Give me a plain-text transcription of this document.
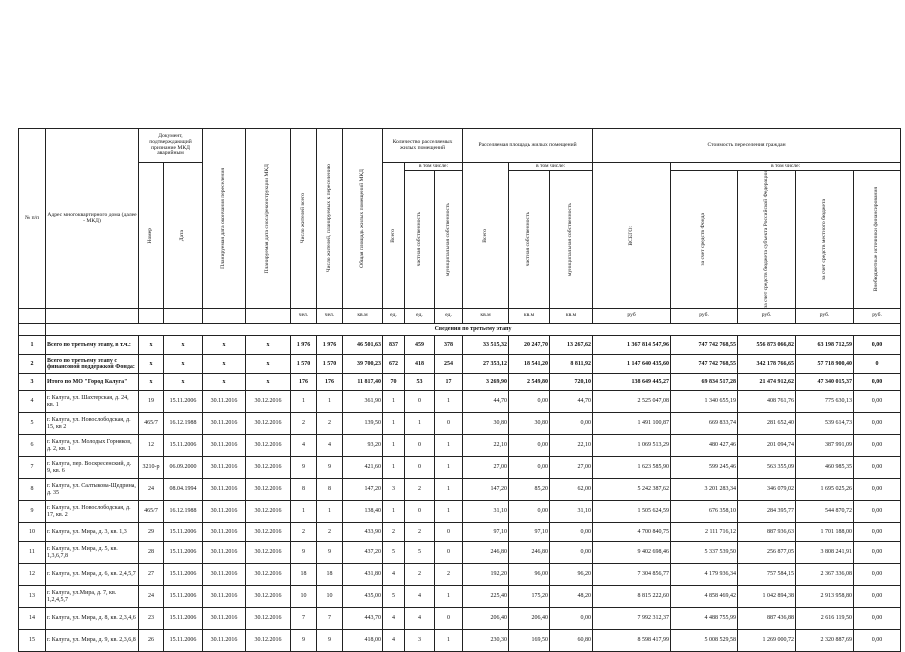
№ п/п	Адрес многоквартирного дома (далее - МКД)	Документ, подтверждающий признание МКД аварийным		Планируемая дата окончания переселения	Планируемая дата сноса/реконструкции МКД	Число жителей всего	Число жителей, планируемых к переселению	Общая площадь жилых помещений МКД	Количество расселяемых жилых помещений			Расселяемая площадь жилых помещений			Стоимость переселения граждан				

		Номер	Дата						Всего	в том числе:		Всего	в том числе:		ВСЕГО:	в том числе:			

										частная собственность	муниципальная собственность		частная собственность	муниципальная собственность		за счет средств Фонда	за счет средств бюджета субъекта Российской Федерации	за счет средств местного бюджета	Внебюджетные источники финансирования

						чел.	чел.	кв.м	ед.	ед.	ед.	кв.м	кв.м	кв.м	руб	руб.	руб.	руб.	руб.
	Сведения по третьему этапу																		
1	Всего по третьему этапу, в т.ч.:	x	x	x	x	1 976	1 976	46 501,63	837	459	378	33 515,32	20 247,70	13 267,62	1 367 814 547,96	747 742 768,55	556 873 066,82	63 198 712,59	0,00
2	Всего по третьему этапу с финансовой поддержкой Фонда:	x	x	x	x	1 570	1 570	39 700,23	672	418	254	27 353,12	18 541,20	8 811,92	1 147 640 435,60	747 742 768,55	342 178 766,65	57 718 900,40	0
3	Итого по МО "Город Калуга"	x	x	x	x	176	176	11 817,40	70	53	17	3 269,90	2 549,80	720,10	138 649 445,27	69 834 517,28	21 474 912,62	47 340 015,37	0,00
4	г. Калуга, ул. Шахтерская, д. 24, кв. 1	19	15.11.2006	30.11.2016	30.12.2016	1	1	361,90	1	0	1	44,70	0,00	44,70	2 525 047,08	1 340 655,19	408 761,76	775 630,13	0,00
5	г. Калуга, ул. Новослободская, д. 15, кв 2	465/7	16.12.1988	30.11.2016	30.12.2016	2	2	139,50	1	1	0	30,80	30,80	0,00	1 491 100,87	669 833,74	281 652,40	539 614,73	0,00
6	г. Калуга, ул. Молодых Горняков, д. 2, кв. 1	12	15.11.2006	30.11.2016	30.12.2016	4	4	93,20	1	0	1	22,10	0,00	22,10	1 069 513,29	480 427,46	201 094,74	387 991,09	0,00
7	г. Калуга, пер. Воскресенский, д. 9, кв. 6	3210-р	06.09.2000	30.11.2016	30.12.2016	9	9	421,60	1	0	1	27,00	0,00	27,00	1 623 585,90	599 245,46	563 355,09	460 985,35	0,00
8	г. Калуга, ул. Салтыкова-Щедрина, д. 35	24	08.04.1994	30.11.2016	30.12.2016	8	8	147,20	3	2	1	147,20	85,20	62,00	5 242 387,62	3 201 283,34	346 079,02	1 695 025,26	0,00
9	г. Калуга, ул. Новослободская, д. 17, кв. 2	465/7	16.12.1988	30.11.2016	30.12.2016	1	1	138,40	1	0	1	31,10	0,00	31,10	1 505 624,59	676 358,10	284 395,77	544 870,72	0,00
10	г. Калуга, ул. Мира, д. 3, кв. 1,3	29	15.11.2006	30.11.2016	30.12.2016	2	2	433,90	2	2	0	97,10	97,10	0,00	4 700 840,75	2 111 716,12	887 936,63	1 701 188,00	0,00
11	г. Калуга, ул. Мира, д. 5, кв. 1,3,6,7,8	28	15.11.2006	30.11.2016	30.12.2016	9	9	437,20	5	5	0	246,80	246,80	0,00	9 402 698,46	5 337 539,50	256 877,05	3 808 241,91	0,00
12	г. Калуга, ул. Мира, д. 6, кв. 2,4,5,7	27	15.11.2006	30.11.2016	30.12.2016	18	18	431,80	4	2	2	192,20	96,00	96,20	7 304 856,77	4 179 936,34	757 584,15	2 367 336,08	0,00
13	г. Калуга, ул.Мира, д. 7, кв. 1,2,4,5,7	24	15.11.2006	30.11.2016	30.12.2016	10	10	435,00	5	4	1	225,40	175,20	48,20	8 815 222,60	4 858 469,42	1 042 894,38	2 913 958,80	0,00
14	г. Калуга, ул. Мира, д. 8, кв. 2,3,4,6	23	15.11.2006	30.11.2016	30.12.2016	7	7	443,70	4	4	0	206,40	206,40	0,00	7 992 312,37	4 488 755,99	887 436,88	2 616 119,50	0,00
15	г. Калуга, ул. Мира, д. 9, кв. 2,3,6,8	26	15.11.2006	30.11.2016	30.12.2016	9	9	418,00	4	3	1	230,30	169,50	60,80	8 598 417,99	5 008 529,58	1 269 000,72	2 320 887,69	0,00
